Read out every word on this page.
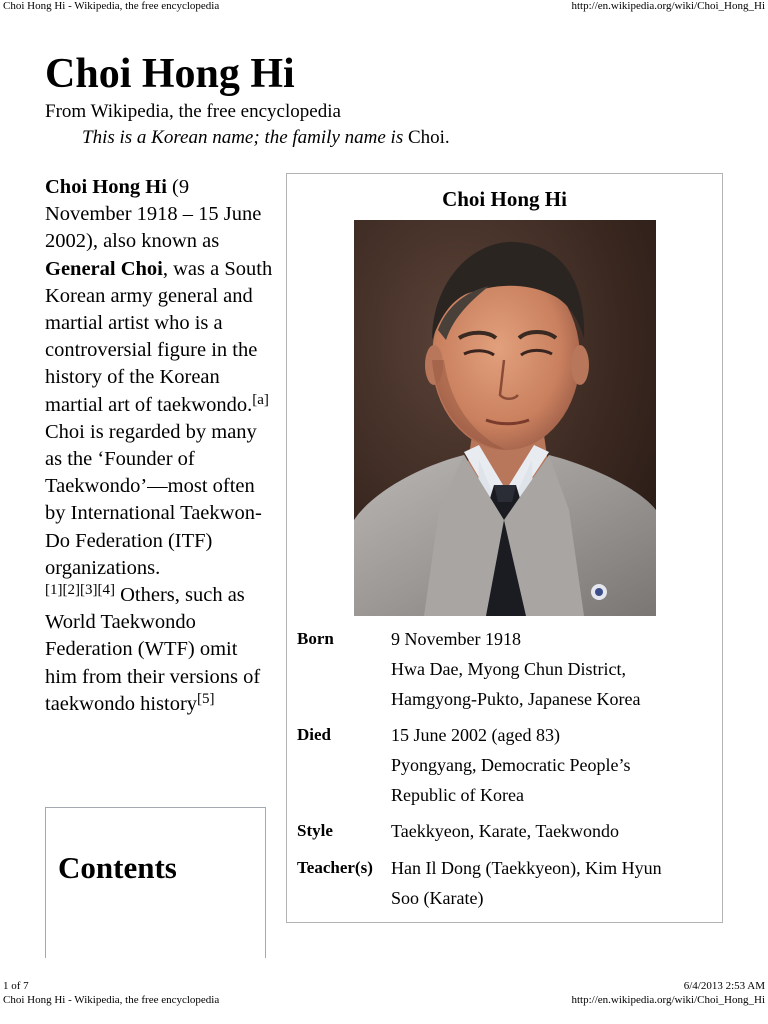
Choi Hong Hi - Wikipedia, the free encyclopedia	http://en.wikipedia.org/wiki/Choi_Hong_Hi
Choi Hong Hi
From Wikipedia, the free encyclopedia
This is a Korean name; the family name is Choi.
Choi Hong Hi (9 November 1918 – 15 June 2002), also known as General Choi, was a South Korean army general and martial artist who is a controversial figure in the history of the Korean martial art of taekwondo.[a] Choi is regarded by many as the ‘Founder of Taekwondo’—most often by International Taekwon-Do Federation (ITF) organizations.
[1][2][3][4] Others, such as World Taekwondo Federation (WTF) omit him from their versions of taekwondo history[5]
Contents
Choi Hong Hi
Born	9 November 1918
Hwa Dae, Myong Chun District,
Hamgyong-Pukto, Japanese Korea
Died	15 June 2002 (aged 83)
Pyongyang, Democratic People’s
Republic of Korea
Style	Taekkyeon, Karate, Taekwondo
Teacher(s) Han Il Dong (Taekkyeon), Kim Hyun
Soo (Karate)
1 of 7	6/4/2013 2:53 AM
Choi Hong Hi - Wikipedia, the free encyclopedia	http://en.wikipedia.org/wiki/Choi_Hong_Hi
